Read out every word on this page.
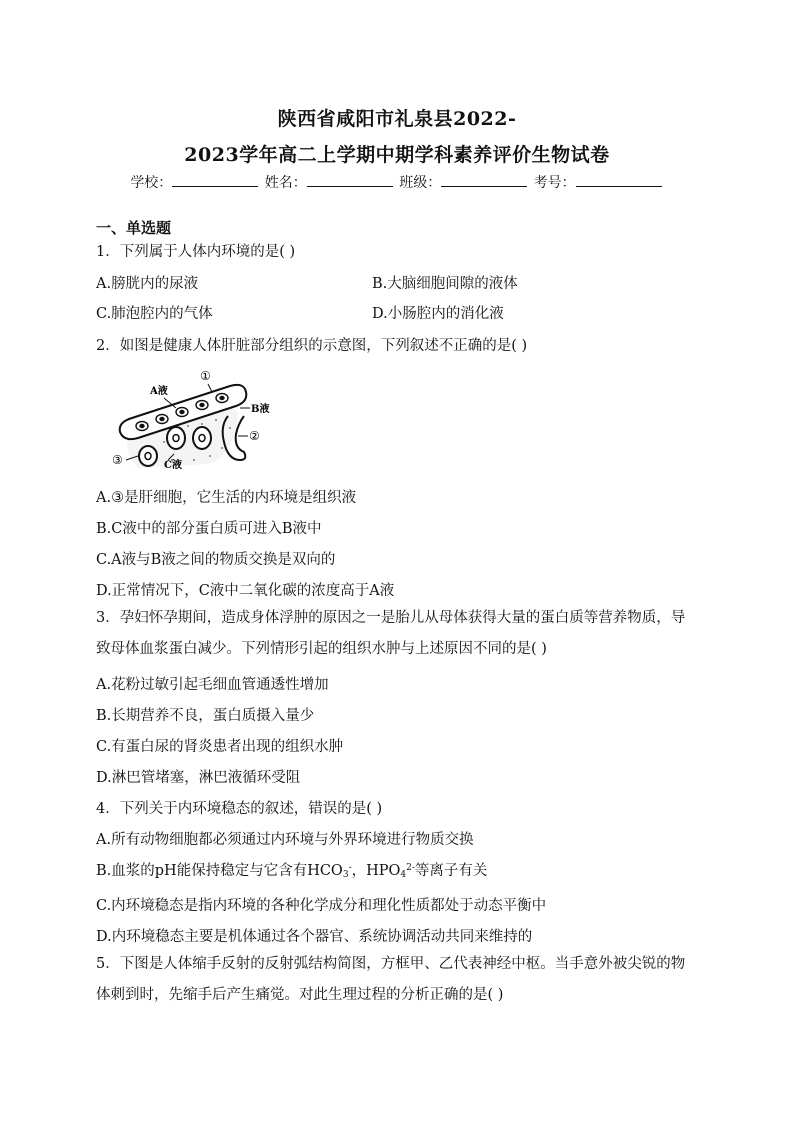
陕西省咸阳市礼泉县2022-
2023学年高二上学期中期学科素养评价生物试卷
学校：	姓名：	班级：	考号：
一、单选题
1．下列属于人体内环境的是( )
A.膀胱内的尿液	B.大脑细胞间隙的液体
C.肺泡腔内的气体	D.小肠腔内的消化液
2．如图是健康人体肝脏部分组织的示意图，下列叙述不正确的是( )
A液
①
B液
②
③	C液
A.③是肝细胞，它生活的内环境是组织液
B.C液中的部分蛋白质可进入B液中
C.A液与B液之间的物质交换是双向的
D.正常情况下，C液中二氧化碳的浓度高于A液
3．孕妇怀孕期间，造成身体浮肿的原因之一是胎儿从母体获得大量的蛋白质等营养物质，导致母体血浆蛋白减少。下列情形引起的组织水肿与上述原因不同的是( )
A.花粉过敏引起毛细血管通透性增加
B.长期营养不良，蛋白质摄入量少
C.有蛋白尿的肾炎患者出现的组织水肿
D.淋巴管堵塞，淋巴液循环受阻
4．下列关于内环境稳态的叙述，错误的是( )
A.所有动物细胞都必须通过内环境与外界环境进行物质交换
B.血浆的pH能保持稳定与它含有$HCO_3^-$，$HPO_4^{2-}$等离子有关
C.内环境稳态是指内环境的各种化学成分和理化性质都处于动态平衡中
D.内环境稳态主要是机体通过各个器官、系统协调活动共同来维持的
5．下图是人体缩手反射的反射弧结构简图，方框甲、乙代表神经中枢。当手意外被尖锐的物体刺到时，先缩手后产生痛觉。对此生理过程的分析正确的是( )
